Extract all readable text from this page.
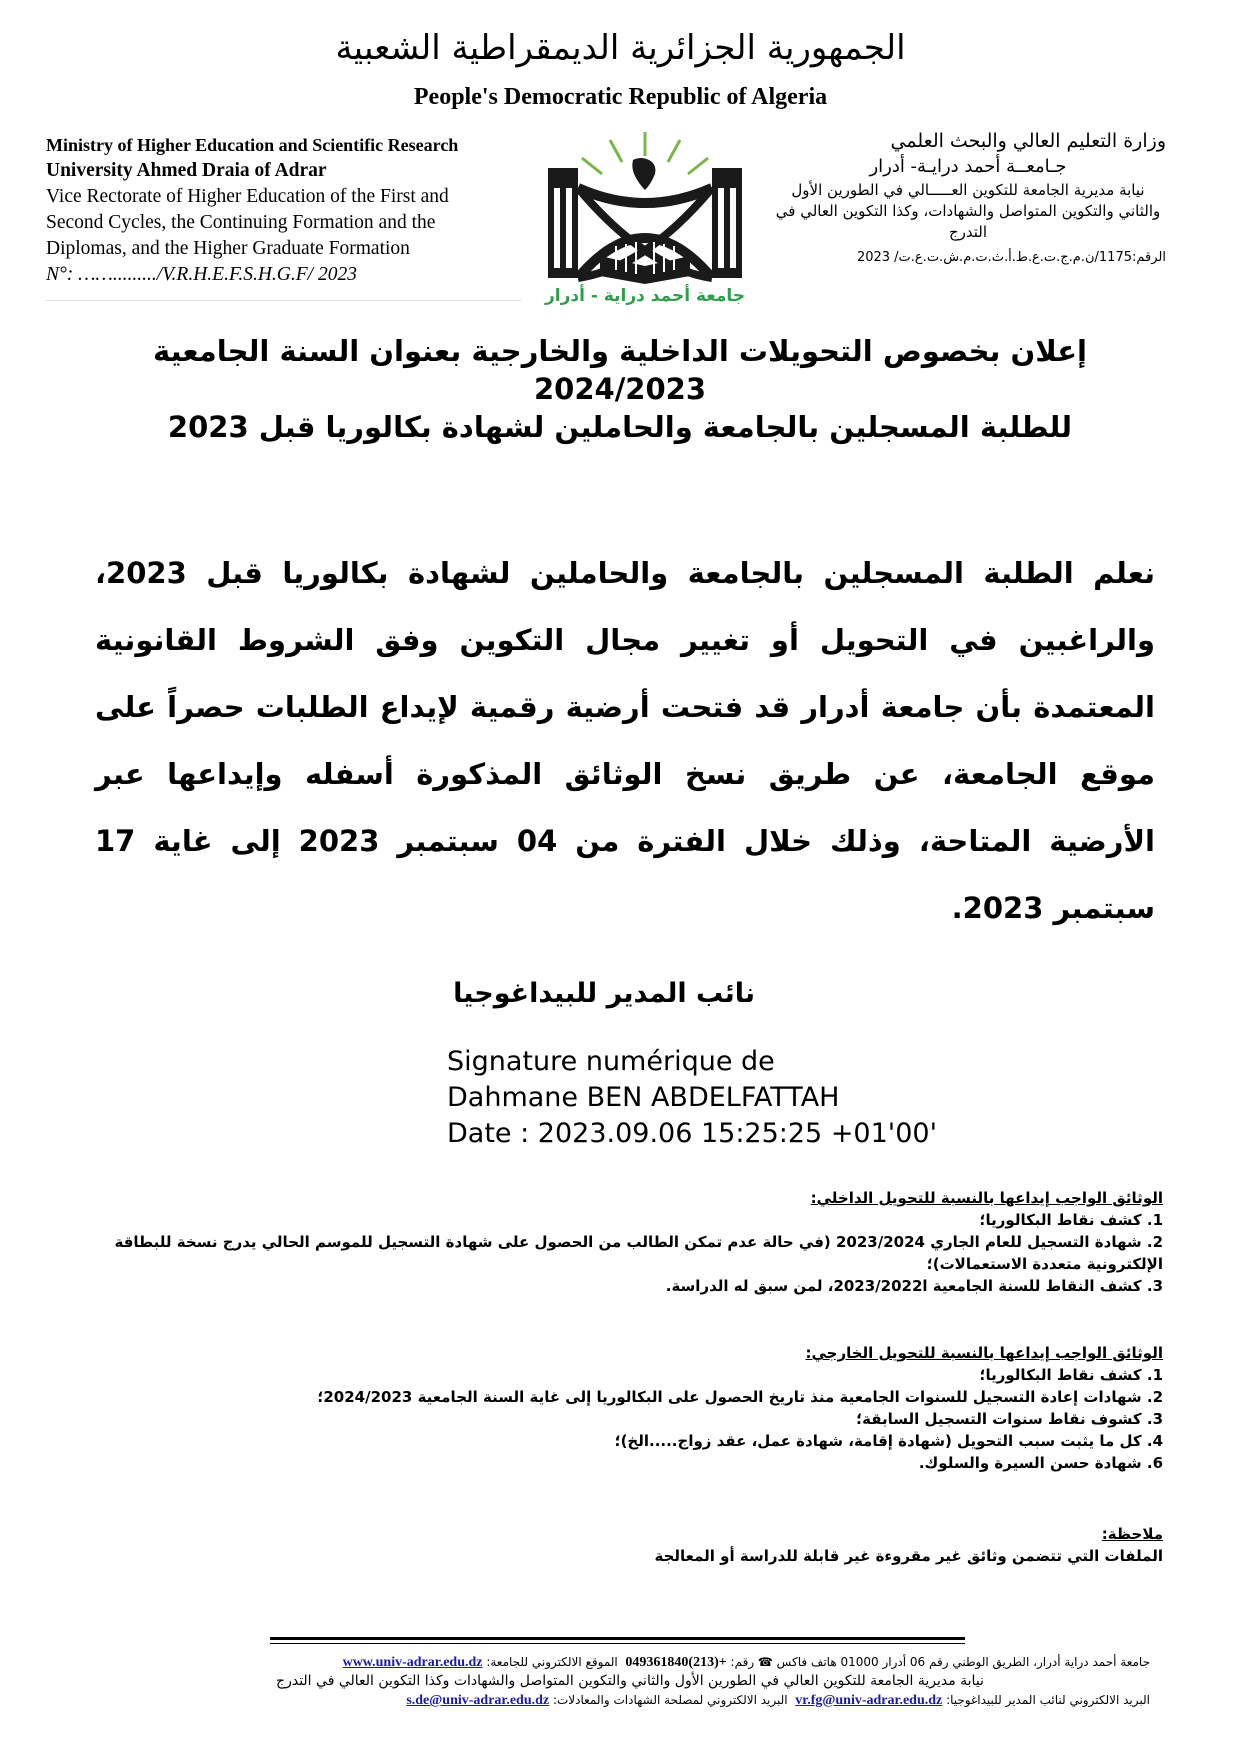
الجمهورية الجزائرية الديمقراطية الشعبية
People's Democratic Republic of Algeria
Ministry of Higher Education and Scientific Research
University Ahmed Draia of Adrar
Vice Rectorate of Higher Education of the First and
Second Cycles, the Continuing Formation and the
Diplomas, and the Higher Graduate Formation
N°: ……........./V.R.H.E.F.S.H.G.F/ 2023
جامعة أحمد دراية - أدرار
وزارة التعليم العالي والبحث العلمي
جـامعــة أحمد درايـة- أدرار
نيابة مديرية الجامعة للتكوين العـــــالي في الطورين الأول والثاني والتكوين المتواصل والشهادات، وكذا التكوين العالي في التدرج
الرقم:1175/ن.م.ج.ت.ع.ط.أ.ث.ت.م.ش.ت.ع.ت/ 2023
إعلان بخصوص التحويلات الداخلية والخارجية بعنوان السنة الجامعية
2024/2023
للطلبة المسجلين بالجامعة والحاملين لشهادة بكالوريا قبل 2023
نعلم الطلبة المسجلين بالجامعة والحاملين لشهادة بكالوريا قبل 2023، والراغبين في التحويل أو تغيير مجال التكوين وفق الشروط القانونية المعتمدة بأن جامعة أدرار قد فتحت أرضية رقمية لإيداع الطلبات حصراً على موقع الجامعة، عن طريق نسخ الوثائق المذكورة أسفله وإيداعها عبر الأرضية المتاحة، وذلك خلال الفترة من 04 سبتمبر 2023 إلى غاية 17 سبتمبر 2023.
نائب المدير للبيداغوجيا
Signature numérique de
Dahmane BEN ABDELFATTAH
Date : 2023.09.06 15:25:25 +01'00'
الوثائق الواجب إيداعها بالنسبة للتحويل الداخلي:
1. كشف نقاط البكالوريا؛
2. شهادة التسجيل للعام الجاري 2023/2024 (في حالة عدم تمكن الطالب من الحصول على شهادة التسجيل للموسم الحالي يدرج نسخة للبطاقة الإلكترونية متعددة الاستعمالات)؛
3. كشف النقاط للسنة الجامعية ا2023/2022، لمن سبق له الدراسة.
الوثائق الواجب إيداعها بالنسبة للتحويل الخارجي:
1. كشف نقاط البكالوريا؛
2. شهادات إعادة التسجيل للسنوات الجامعية منذ تاريخ الحصول على البكالوريا إلى غاية السنة الجامعية 2024/2023؛
3. كشوف نقاط سنوات التسجيل السابقة؛
4. كل ما يثبت سبب التحويل (شهادة إقامة، شهادة عمل، عقد زواج.....الخ)؛
6. شهادة حسن السيرة والسلوك.
ملاحظة:
الملفات التي تتضمن وثائق غير مقروءة غير قابلة للدراسة أو المعالجة
جامعة أحمد دراية أدرار، الطريق الوطني رقم 06 أدرار 01000 هاتف فاكس ☎ رقم: +(213)049361840  الموقع الالكتروني للجامعة: www.univ-adrar.edu.dz
نيابة مديرية الجامعة للتكوين العالي في الطورين الأول والثاني والتكوين المتواصل والشهادات وكذا التكوين العالي في التدرج
البريد الالكتروني لنائب المدير للبيداغوجيا: vr.fg@univ-adrar.edu.dz  البريد الالكتروني لمصلحة الشهادات والمعادلات: s.de@univ-adrar.edu.dz
